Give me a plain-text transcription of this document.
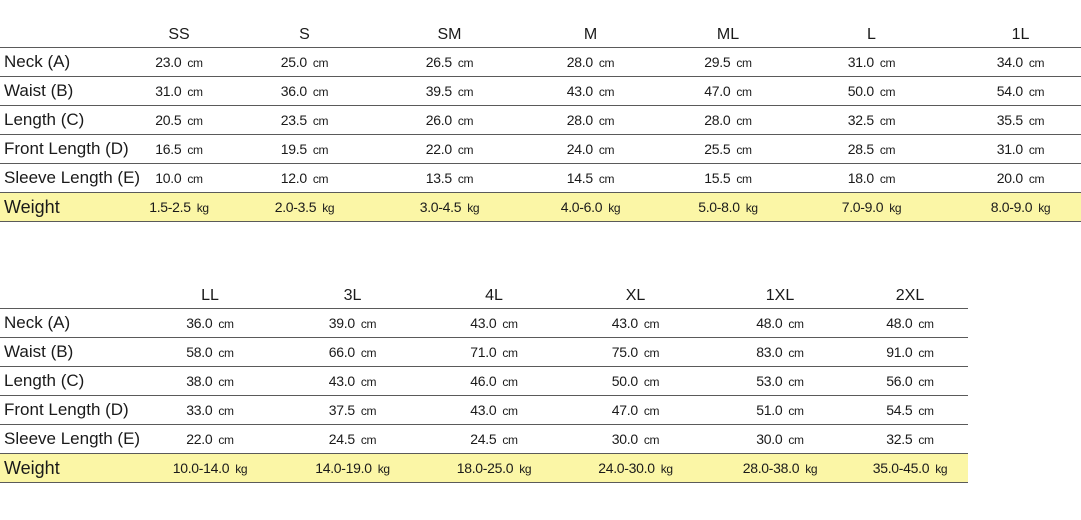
	SS	S	SM	M	ML	L	1L
Neck (A)	23.0 cm	25.0 cm	26.5 cm	28.0 cm	29.5 cm	31.0 cm	34.0 cm
Waist (B)	31.0 cm	36.0 cm	39.5 cm	43.0 cm	47.0 cm	50.0 cm	54.0 cm
Length (C)	20.5 cm	23.5 cm	26.0 cm	28.0 cm	28.0 cm	32.5 cm	35.5 cm
Front Length (D)	16.5 cm	19.5 cm	22.0 cm	24.0 cm	25.5 cm	28.5 cm	31.0 cm
Sleeve Length (E)	10.0 cm	12.0 cm	13.5 cm	14.5 cm	15.5 cm	18.0 cm	20.0 cm
Weight	1.5-2.5 kg	2.0-3.5 kg	3.0-4.5 kg	4.0-6.0 kg	5.0-8.0 kg	7.0-9.0 kg	8.0-9.0 kg
	LL	3L	4L	XL	1XL	2XL
Neck (A)	36.0 cm	39.0 cm	43.0 cm	43.0 cm	48.0 cm	48.0 cm
Waist (B)	58.0 cm	66.0 cm	71.0 cm	75.0 cm	83.0 cm	91.0 cm
Length (C)	38.0 cm	43.0 cm	46.0 cm	50.0 cm	53.0 cm	56.0 cm
Front Length (D)	33.0 cm	37.5 cm	43.0 cm	47.0 cm	51.0 cm	54.5 cm
Sleeve Length (E)	22.0 cm	24.5 cm	24.5 cm	30.0 cm	30.0 cm	32.5 cm
Weight	10.0-14.0 kg	14.0-19.0 kg	18.0-25.0 kg	24.0-30.0 kg	28.0-38.0 kg	35.0-45.0 kg
